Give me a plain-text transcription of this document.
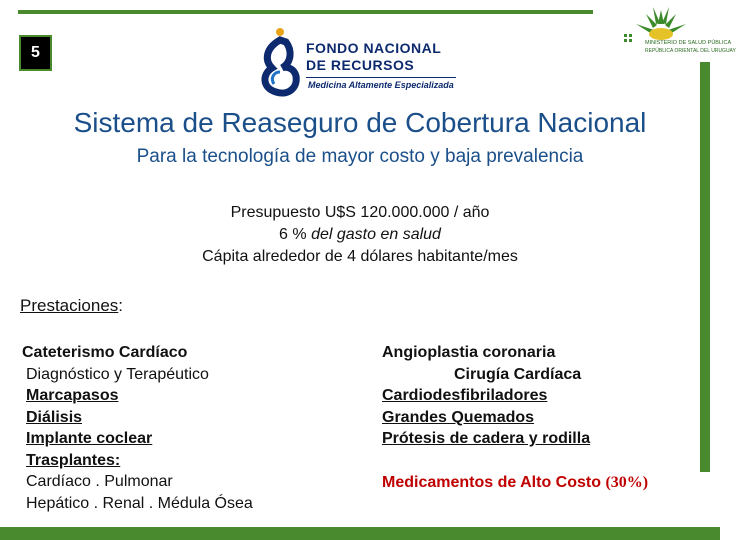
5	FONDO NACIONAL
DE RECURSOS
Medicina Altamente Especializada
MINISTERIO DE SALUD PÚBLICA
REPÚBLICA ORIENTAL DEL URUGUAY
Sistema de Reaseguro de Cobertura Nacional
Para la tecnología de mayor costo y baja prevalencia
Presupuesto U$S 120.000.000 / año
6 % del gasto en salud
Cápita alrededor de 4 dólares habitante/mes
Prestaciones:
Cateterismo Cardíaco
Diagnóstico y Terapéutico
Marcapasos
Diálisis
Implante coclear
Trasplantes:
Cardíaco . Pulmonar
Hepático . Renal . Médula Ósea
Angioplastia coronaria
Cirugía Cardíaca
Cardiodesfibriladores
Grandes Quemados
Prótesis de cadera y rodilla
Medicamentos de Alto Costo (30%)
